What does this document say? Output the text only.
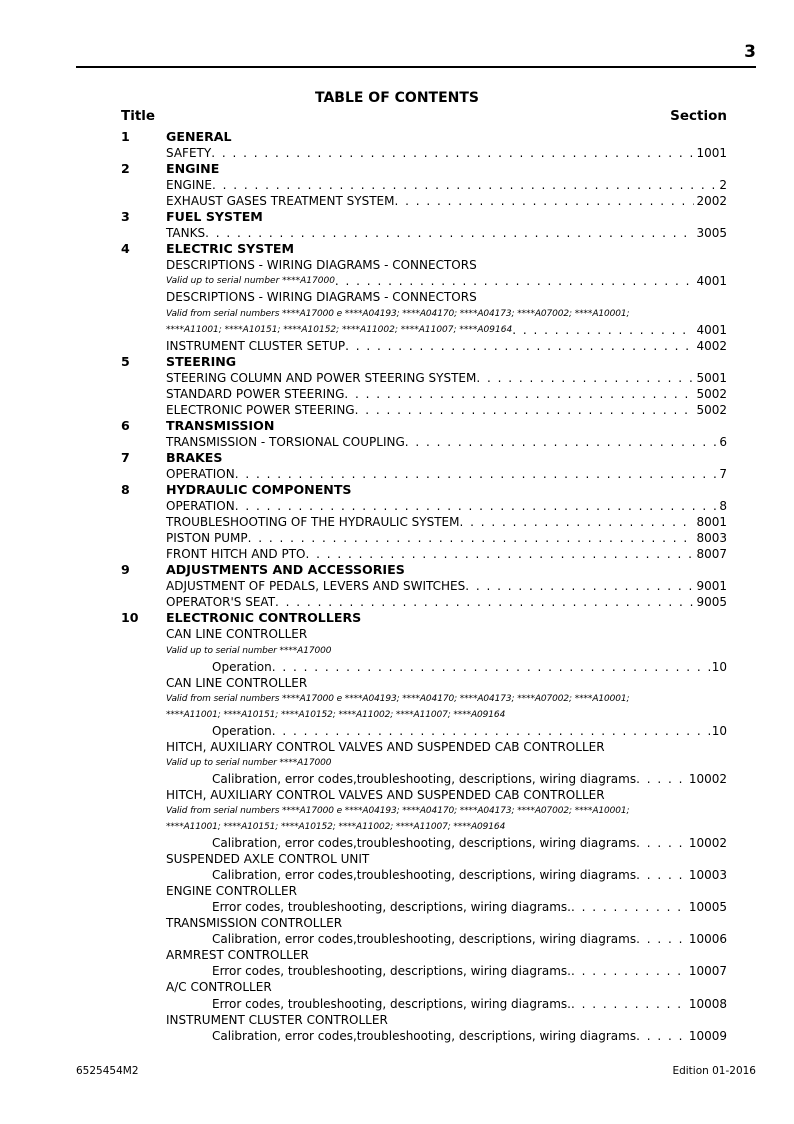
3
TABLE OF CONTENTS
Title	Section
1	GENERAL
SAFETY . . .	1001
2	ENGINE
ENGINE . . .	2
EXHAUST GASES TREATMENT SYSTEM . . .	2002
3	FUEL SYSTEM
TANKS . . .	3005
4	ELECTRIC SYSTEM
DESCRIPTIONS - WIRING DIAGRAMS - CONNECTORS
Valid up to serial number ****A17000 . . .	4001
DESCRIPTIONS - WIRING DIAGRAMS - CONNECTORS
Valid from serial numbers ****A17000 e ****A04193; ****A04170; ****A04173; ****A07002; ****A10001;
****A11001; ****A10151; ****A10152; ****A11002; ****A11007; ****A09164 . . .	4001
INSTRUMENT CLUSTER SETUP . . .	4002
5	STEERING
STEERING COLUMN AND POWER STEERING SYSTEM . . .	5001
STANDARD POWER STEERING . . .	5002
ELECTRONIC POWER STEERING . . .	5002
6	TRANSMISSION
TRANSMISSION - TORSIONAL COUPLING . . .	6
7	BRAKES
OPERATION . . .	7
8	HYDRAULIC COMPONENTS
OPERATION . . .	8
TROUBLESHOOTING OF THE HYDRAULIC SYSTEM . . .	8001
PISTON PUMP . . .	8003
FRONT HITCH AND PTO . . .	8007
9	ADJUSTMENTS AND ACCESSORIES
ADJUSTMENT OF PEDALS, LEVERS AND SWITCHES . . .	9001
OPERATOR'S SEAT . . .	9005
10 ELECTRONIC CONTROLLERS
CAN LINE CONTROLLER
Valid up to serial number ****A17000
Operation . . .	10
CAN LINE CONTROLLER
Valid from serial numbers ****A17000 e ****A04193; ****A04170; ****A04173; ****A07002; ****A10001;
****A11001; ****A10151; ****A10152; ****A11002; ****A11007; ****A09164
Operation . . .	10
HITCH, AUXILIARY CONTROL VALVES AND SUSPENDED CAB CONTROLLER
Valid up to serial number ****A17000
Calibration, error codes,troubleshooting, descriptions, wiring diagrams . . .	10002
HITCH, AUXILIARY CONTROL VALVES AND SUSPENDED CAB CONTROLLER
Valid from serial numbers ****A17000 e ****A04193; ****A04170; ****A04173; ****A07002; ****A10001;
****A11001; ****A10151; ****A10152; ****A11002; ****A11007; ****A09164
Calibration, error codes,troubleshooting, descriptions, wiring diagrams . . .	10002
SUSPENDED AXLE CONTROL UNIT
Calibration, error codes,troubleshooting, descriptions, wiring diagrams . . .	10003
ENGINE CONTROLLER
Error codes, troubleshooting, descriptions, wiring diagrams. . . .	10005
TRANSMISSION CONTROLLER
Calibration, error codes,troubleshooting, descriptions, wiring diagrams . . .	10006
ARMREST CONTROLLER
Error codes, troubleshooting, descriptions, wiring diagrams. . . .	10007
A/C CONTROLLER
Error codes, troubleshooting, descriptions, wiring diagrams. . . .	10008
INSTRUMENT CLUSTER CONTROLLER
Calibration, error codes,troubleshooting, descriptions, wiring diagrams . . .	10009
6525454M2	Edition 01-2016
